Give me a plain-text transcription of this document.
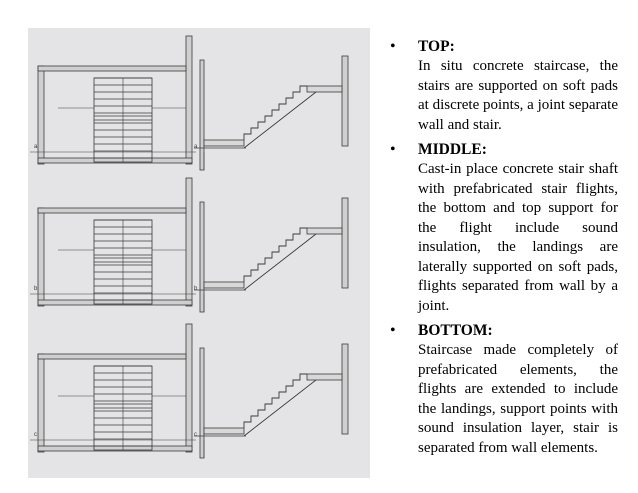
a	a
b	b
c	c
• TOP:
In situ concrete staircase, the stairs are supported on soft pads at discrete points, a joint separate wall and stair.
• MIDDLE:
Cast-in place concrete stair shaft with prefabricated stair flights, the bottom and top support for the flight include sound insulation, the landings are laterally supported on soft pads, flights separated from wall by a joint.
• BOTTOM:
Staircase made completely of prefabricated elements, the flights are extended to include the landings, support points with sound insulation layer, stair is separated from wall elements.
